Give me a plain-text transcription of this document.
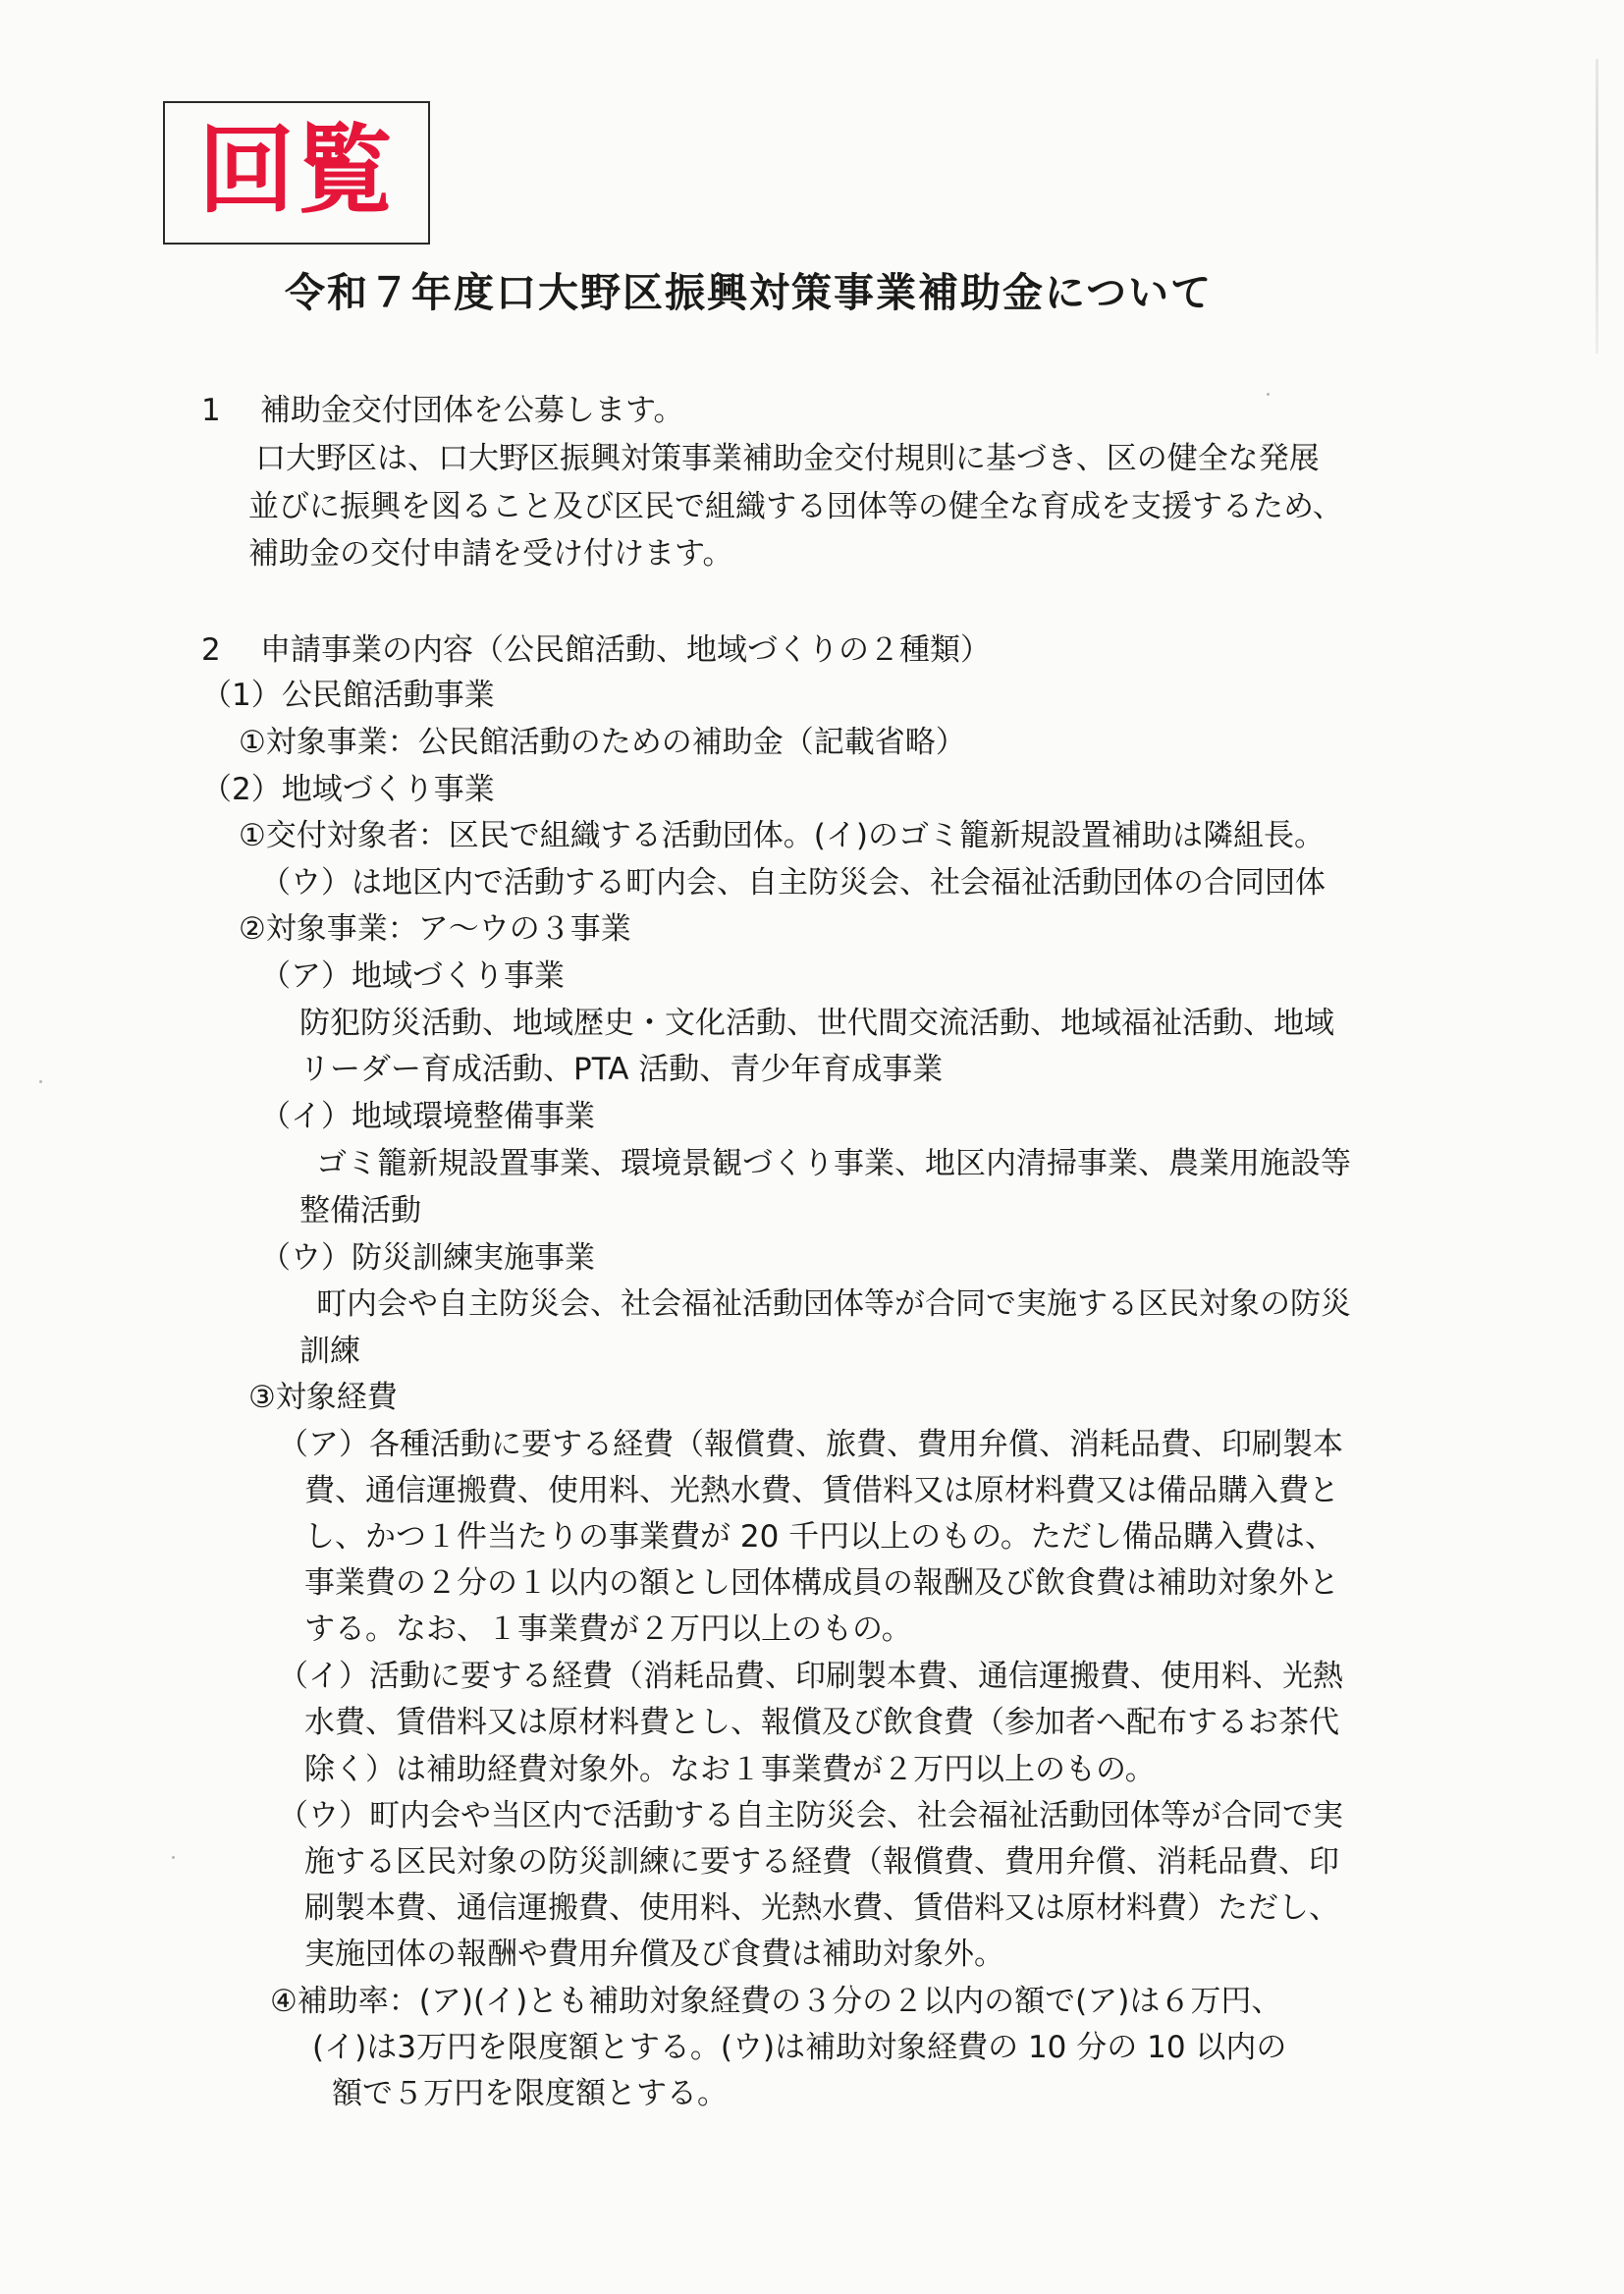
回覧
令和７年度口大野区振興対策事業補助金について
1 補助金交付団体を公募します。
口大野区は、口大野区振興対策事業補助金交付規則に基づき、区の健全な発展
並びに振興を図ること及び区民で組織する団体等の健全な育成を支援するため、
補助金の交付申請を受け付けます。
2 申請事業の内容（公民館活動、地域づくりの２種類）
（1）公民館活動事業
①対象事業：公民館活動のための補助金（記載省略）
（2）地域づくり事業
①交付対象者：区民で組織する活動団体。(イ)のゴミ籠新規設置補助は隣組長。
（ウ）は地区内で活動する町内会、自主防災会、社会福祉活動団体の合同団体
②対象事業：ア～ウの３事業
（ア）地域づくり事業
防犯防災活動、地域歴史・文化活動、世代間交流活動、地域福祉活動、地域
リーダー育成活動、PTA 活動、青少年育成事業
（イ）地域環境整備事業
ゴミ籠新規設置事業、環境景観づくり事業、地区内清掃事業、農業用施設等
整備活動
（ウ）防災訓練実施事業
町内会や自主防災会、社会福祉活動団体等が合同で実施する区民対象の防災
訓練
③対象経費
（ア）各種活動に要する経費（報償費、旅費、費用弁償、消耗品費、印刷製本
費、通信運搬費、使用料、光熱水費、賃借料又は原材料費又は備品購入費と
し、かつ１件当たりの事業費が 20 千円以上のもの。ただし備品購入費は、
事業費の２分の１以内の額とし団体構成員の報酬及び飲食費は補助対象外と
する。なお、１事業費が２万円以上のもの。
（イ）活動に要する経費（消耗品費、印刷製本費、通信運搬費、使用料、光熱
水費、賃借料又は原材料費とし、報償及び飲食費（参加者へ配布するお茶代
除く）は補助経費対象外。なお１事業費が２万円以上のもの。
（ウ）町内会や当区内で活動する自主防災会、社会福祉活動団体等が合同で実
施する区民対象の防災訓練に要する経費（報償費、費用弁償、消耗品費、印
刷製本費、通信運搬費、使用料、光熱水費、賃借料又は原材料費）ただし、
実施団体の報酬や費用弁償及び食費は補助対象外。
④補助率：(ア)(イ)とも補助対象経費の３分の２以内の額で(ア)は６万円、
(イ)は3万円を限度額とする。(ウ)は補助対象経費の 10 分の 10 以内の
額で５万円を限度額とする。
